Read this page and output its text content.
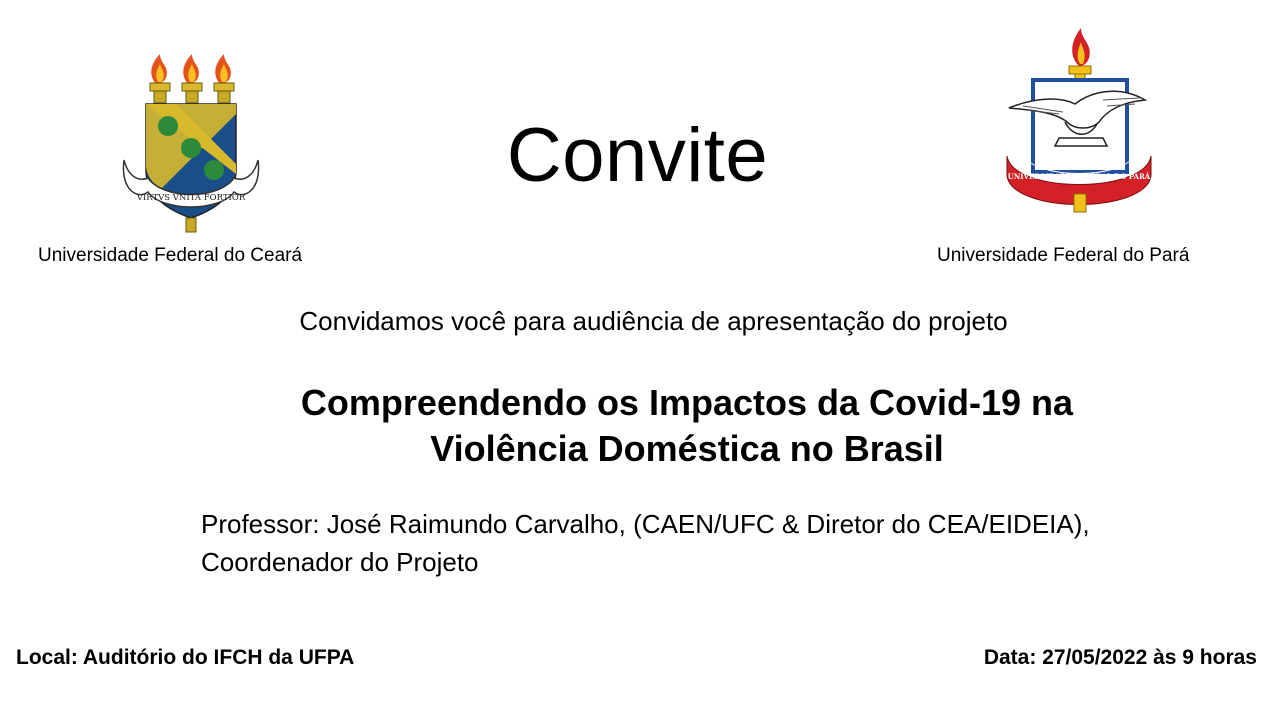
VIRTVS VNITA FORTIOR
UNIVERSIDADE FEDERAL DO PARÁ
Universidade Federal do Ceará	Universidade Federal do Pará
Convite
Convidamos você para audiência de apresentação do projeto
Compreendendo os Impactos da Covid-19 na
Violência Doméstica no Brasil
Professor: José Raimundo Carvalho, (CAEN/UFC & Diretor do CEA/EIDEIA),
Coordenador do Projeto
Local: Auditório do IFCH da UFPA	Data: 27/05/2022 às 9 horas
